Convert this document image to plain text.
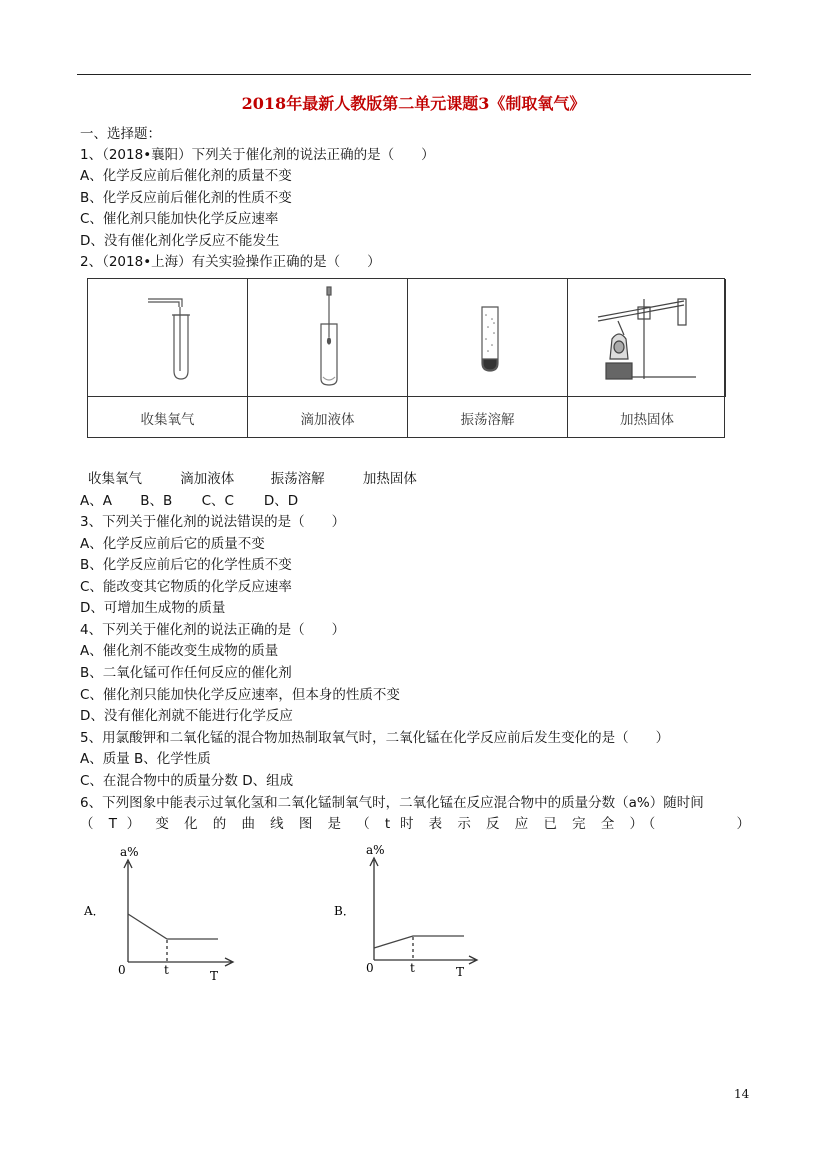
2018年最新人教版第二单元课题3《制取氧气》
一、选择题：
1、（2018•襄阳）下列关于催化剂的说法正确的是（　　）
A、化学反应前后催化剂的质量不变
B、化学反应前后催化剂的性质不变
C、催化剂只能加快化学反应速率
D、没有催化剂化学反应不能发生
2、（2018•上海）有关实验操作正确的是（　　）
收集氧气	滴加液体	振荡溶解	加热固体
收集氧气	滴加液体	振荡溶解	加热固体
A、A B、B C、C D、D
3、下列关于催化剂的说法错误的是（　　）
A、化学反应前后它的质量不变
B、化学反应前后它的化学性质不变
C、能改变其它物质的化学反应速率
D、可增加生成物的质量
4、下列关于催化剂的说法正确的是（　　）
A、催化剂不能改变生成物的质量
B、二氧化锰可作任何反应的催化剂
C、催化剂只能加快化学反应速率，但本身的性质不变
D、没有催化剂就不能进行化学反应
5、用氯酸钾和二氧化锰的混合物加热制取氧气时，二氧化锰在化学反应前后发生变化的是（　　）
A、质量 B、化学性质
C、在混合物中的质量分数 D、组成
6、下列图象中能表示过氧化氢和二氧化锰制氧气时，二氧化锰在反应混合物中的质量分数（a%）随时间
（ T ） 变 化 的 曲 线 图 是 （ t 时 表 示 反 应 已 完 全 ）（　　　　）
A．
a%
0	t	T
B．
a%
0	t	T
14
